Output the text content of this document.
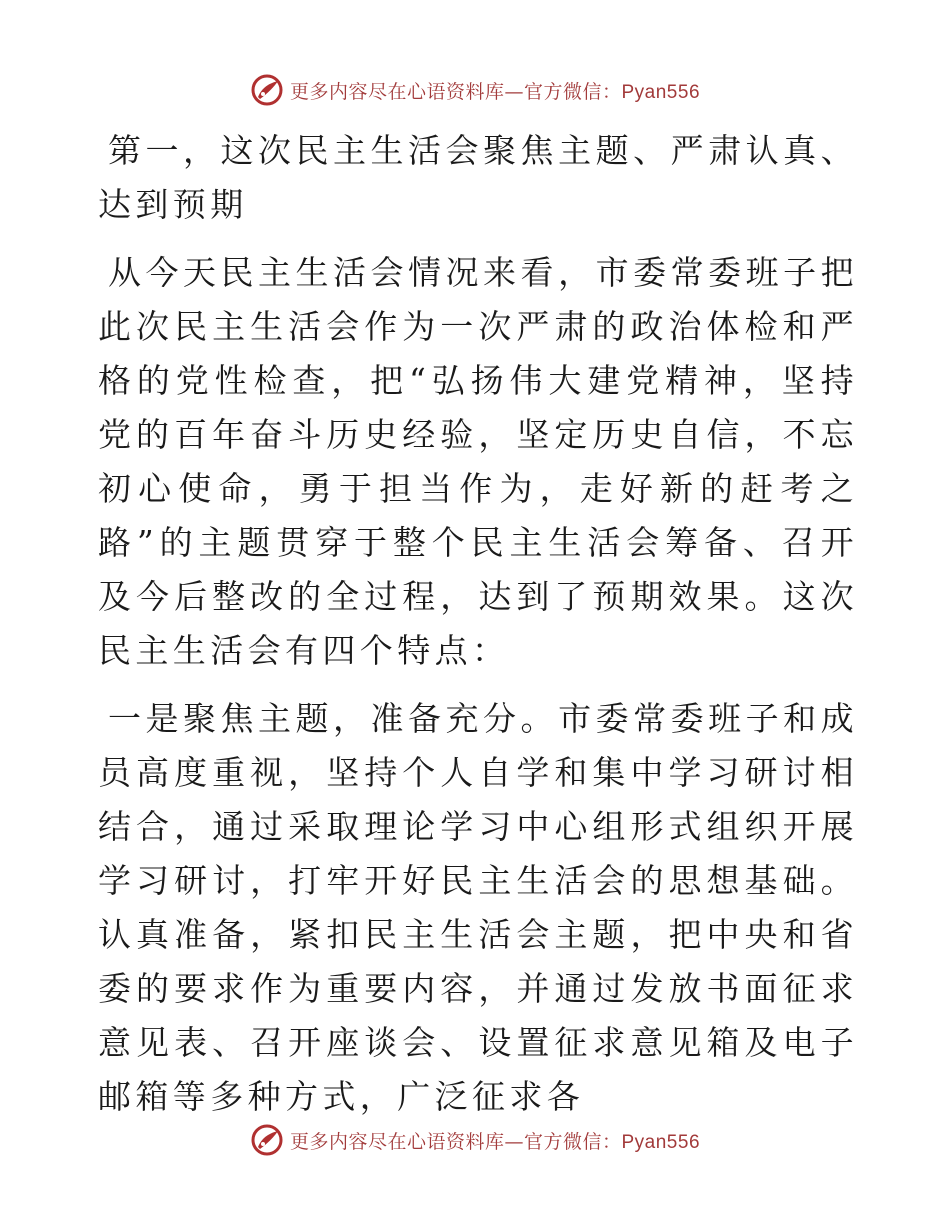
更多内容尽在心语资料库—官方微信：Pyan556

第一，这次民主生活会聚焦主题、严肃认真、达到预期

从今天民主生活会情况来看，市委常委班子把此次民主生活会作为一次严肃的政治体检和严格的党性检查，把“弘扬伟大建党精神，坚持党的百年奋斗历史经验，坚定历史自信，不忘初心使命，勇于担当作为，走好新的赶考之路”的主题贯穿于整个民主生活会筹备、召开及今后整改的全过程，达到了预期效果。这次民主生活会有四个特点：

一是聚焦主题，准备充分。市委常委班子和成员高度重视，坚持个人自学和集中学习研讨相结合，通过采取理论学习中心组形式组织开展学习研讨，打牢开好民主生活会的思想基础。认真准备，紧扣民主生活会主题，把中央和省委的要求作为重要内容，并通过发放书面征求意见表、召开座谈会、设置征求意见箱及电子邮箱等多种方式，广泛征求各

更多内容尽在心语资料库—官方微信：Pyan556
